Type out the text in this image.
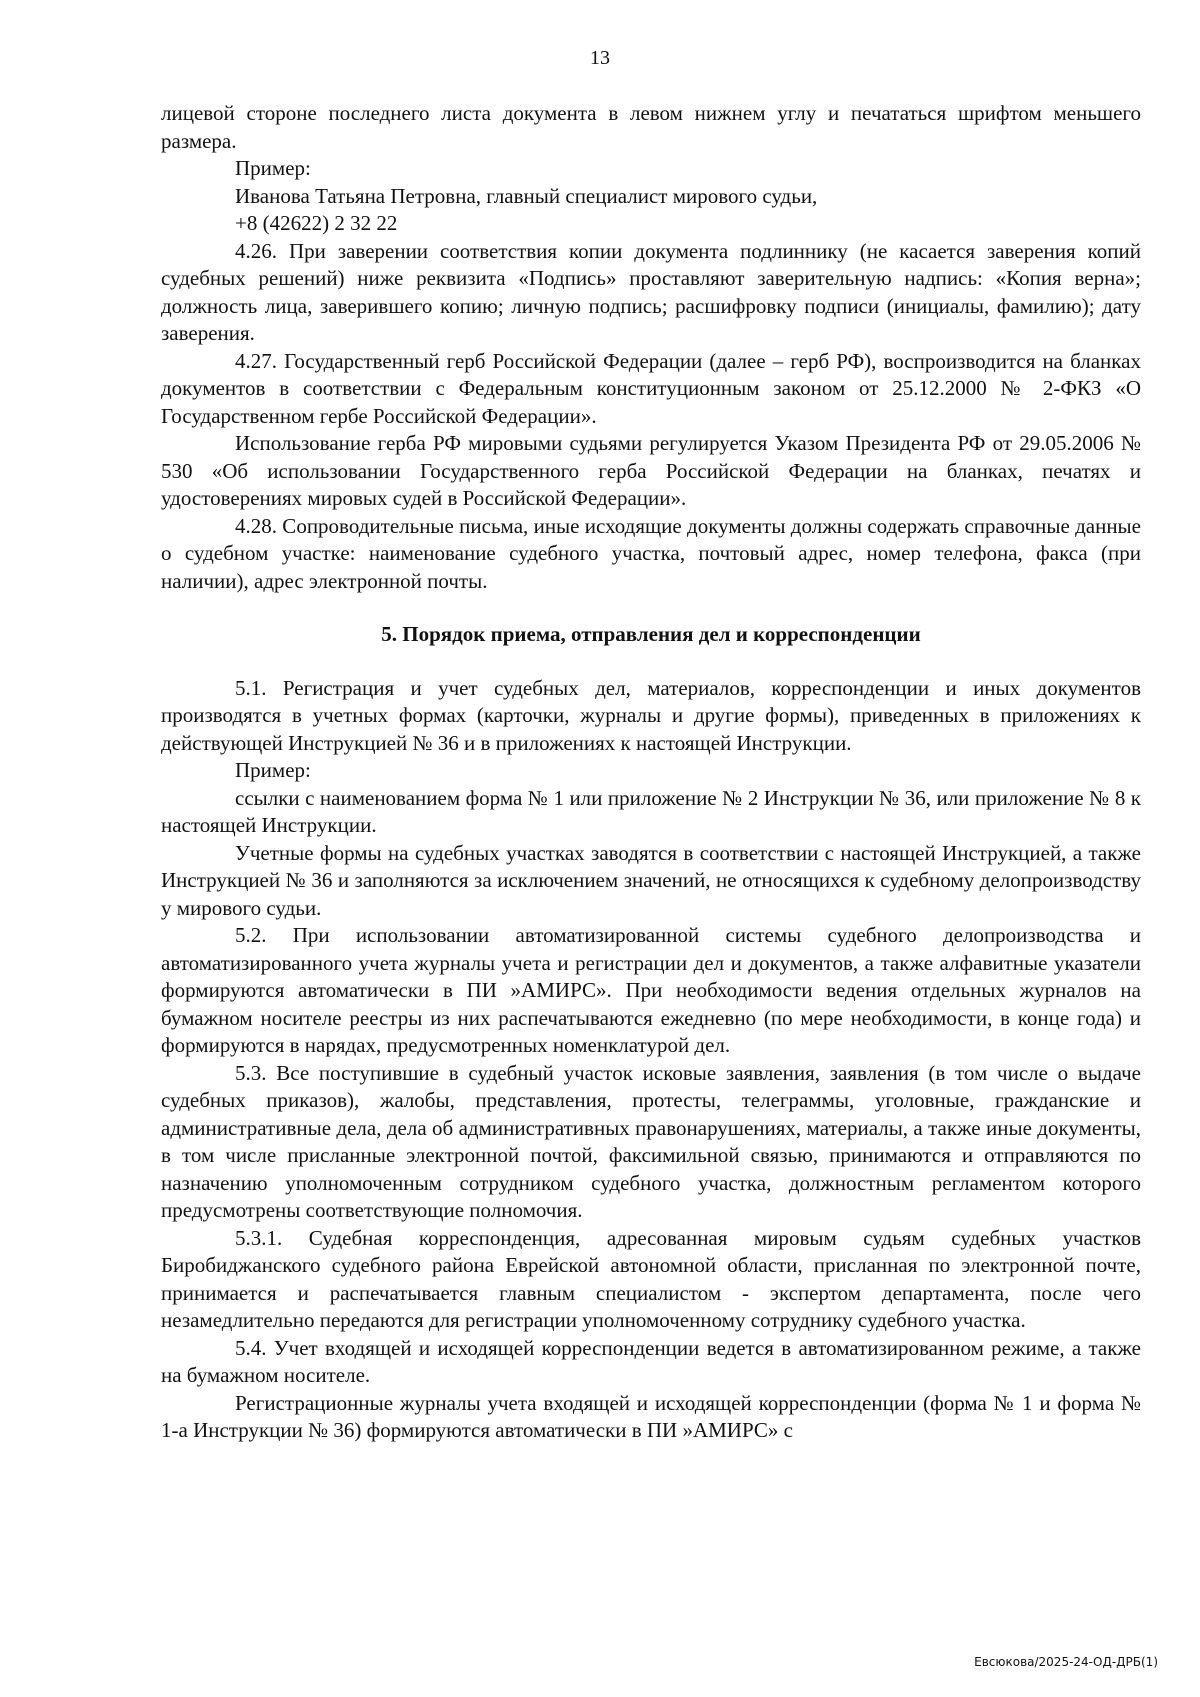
13

лицевой стороне последнего листа документа в левом нижнем углу и печататься шрифтом меньшего размера.

Пример:

Иванова Татьяна Петровна, главный специалист мирового судьи,

+8 (42622) 2 32 22

4.26. При заверении соответствия копии документа подлиннику (не касается заверения копий судебных решений) ниже реквизита «Подпись» проставляют заверительную надпись: «Копия верна»; должность лица, заверившего копию; личную подпись; расшифровку подписи (инициалы, фамилию); дату заверения.

4.27. Государственный герб Российской Федерации (далее – герб РФ), воспроизводится на бланках документов в соответствии с Федеральным конституционным законом от 25.12.2000 № 2-ФКЗ «О Государственном гербе Российской Федерации».

Использование герба РФ мировыми судьями регулируется Указом Президента РФ от 29.05.2006 № 530 «Об использовании Государственного герба Российской Федерации на бланках, печатях и удостоверениях мировых судей в Российской Федерации».

4.28. Сопроводительные письма, иные исходящие документы должны содержать справочные данные о судебном участке: наименование судебного участка, почтовый адрес, номер телефона, факса (при наличии), адрес электронной почты.

5. Порядок приема, отправления дел и корреспонденции

5.1. Регистрация и учет судебных дел, материалов, корреспонденции и иных документов производятся в учетных формах (карточки, журналы и другие формы), приведенных в приложениях к действующей Инструкцией № 36 и в приложениях к настоящей Инструкции.

Пример:

ссылки с наименованием форма № 1 или приложение № 2 Инструкции № 36, или приложение № 8 к настоящей Инструкции.

Учетные формы на судебных участках заводятся в соответствии с настоящей Инструкцией, а также Инструкцией № 36 и заполняются за исключением значений, не относящихся к судебному делопроизводству у мирового судьи.

5.2. При использовании автоматизированной системы судебного делопроизводства и автоматизированного учета журналы учета и регистрации дел и документов, а также алфавитные указатели формируются автоматически в ПИ »АМИРС». При необходимости ведения отдельных журналов на бумажном носителе реестры из них распечатываются ежедневно (по мере необходимости, в конце года) и формируются в нарядах, предусмотренных номенклатурой дел.

5.3. Все поступившие в судебный участок исковые заявления, заявления (в том числе о выдаче судебных приказов), жалобы, представления, протесты, телеграммы, уголовные, гражданские и административные дела, дела об административных правонарушениях, материалы, а также иные документы, в том числе присланные электронной почтой, факсимильной связью, принимаются и отправляются по назначению уполномоченным сотрудником судебного участка, должностным регламентом которого предусмотрены соответствующие полномочия.

5.3.1. Судебная корреспонденция, адресованная мировым судьям судебных участков Биробиджанского судебного района Еврейской автономной области, присланная по электронной почте, принимается и распечатывается главным специалистом - экспертом департамента, после чего незамедлительно передаются для регистрации уполномоченному сотруднику судебного участка.

5.4. Учет входящей и исходящей корреспонденции ведется в автоматизированном режиме, а также на бумажном носителе.

Регистрационные журналы учета входящей и исходящей корреспонденции (форма № 1 и форма № 1-а Инструкции № 36) формируются автоматически в ПИ »АМИРС» с

Евсюкова/2025-24-ОД-ДРБ(1)
